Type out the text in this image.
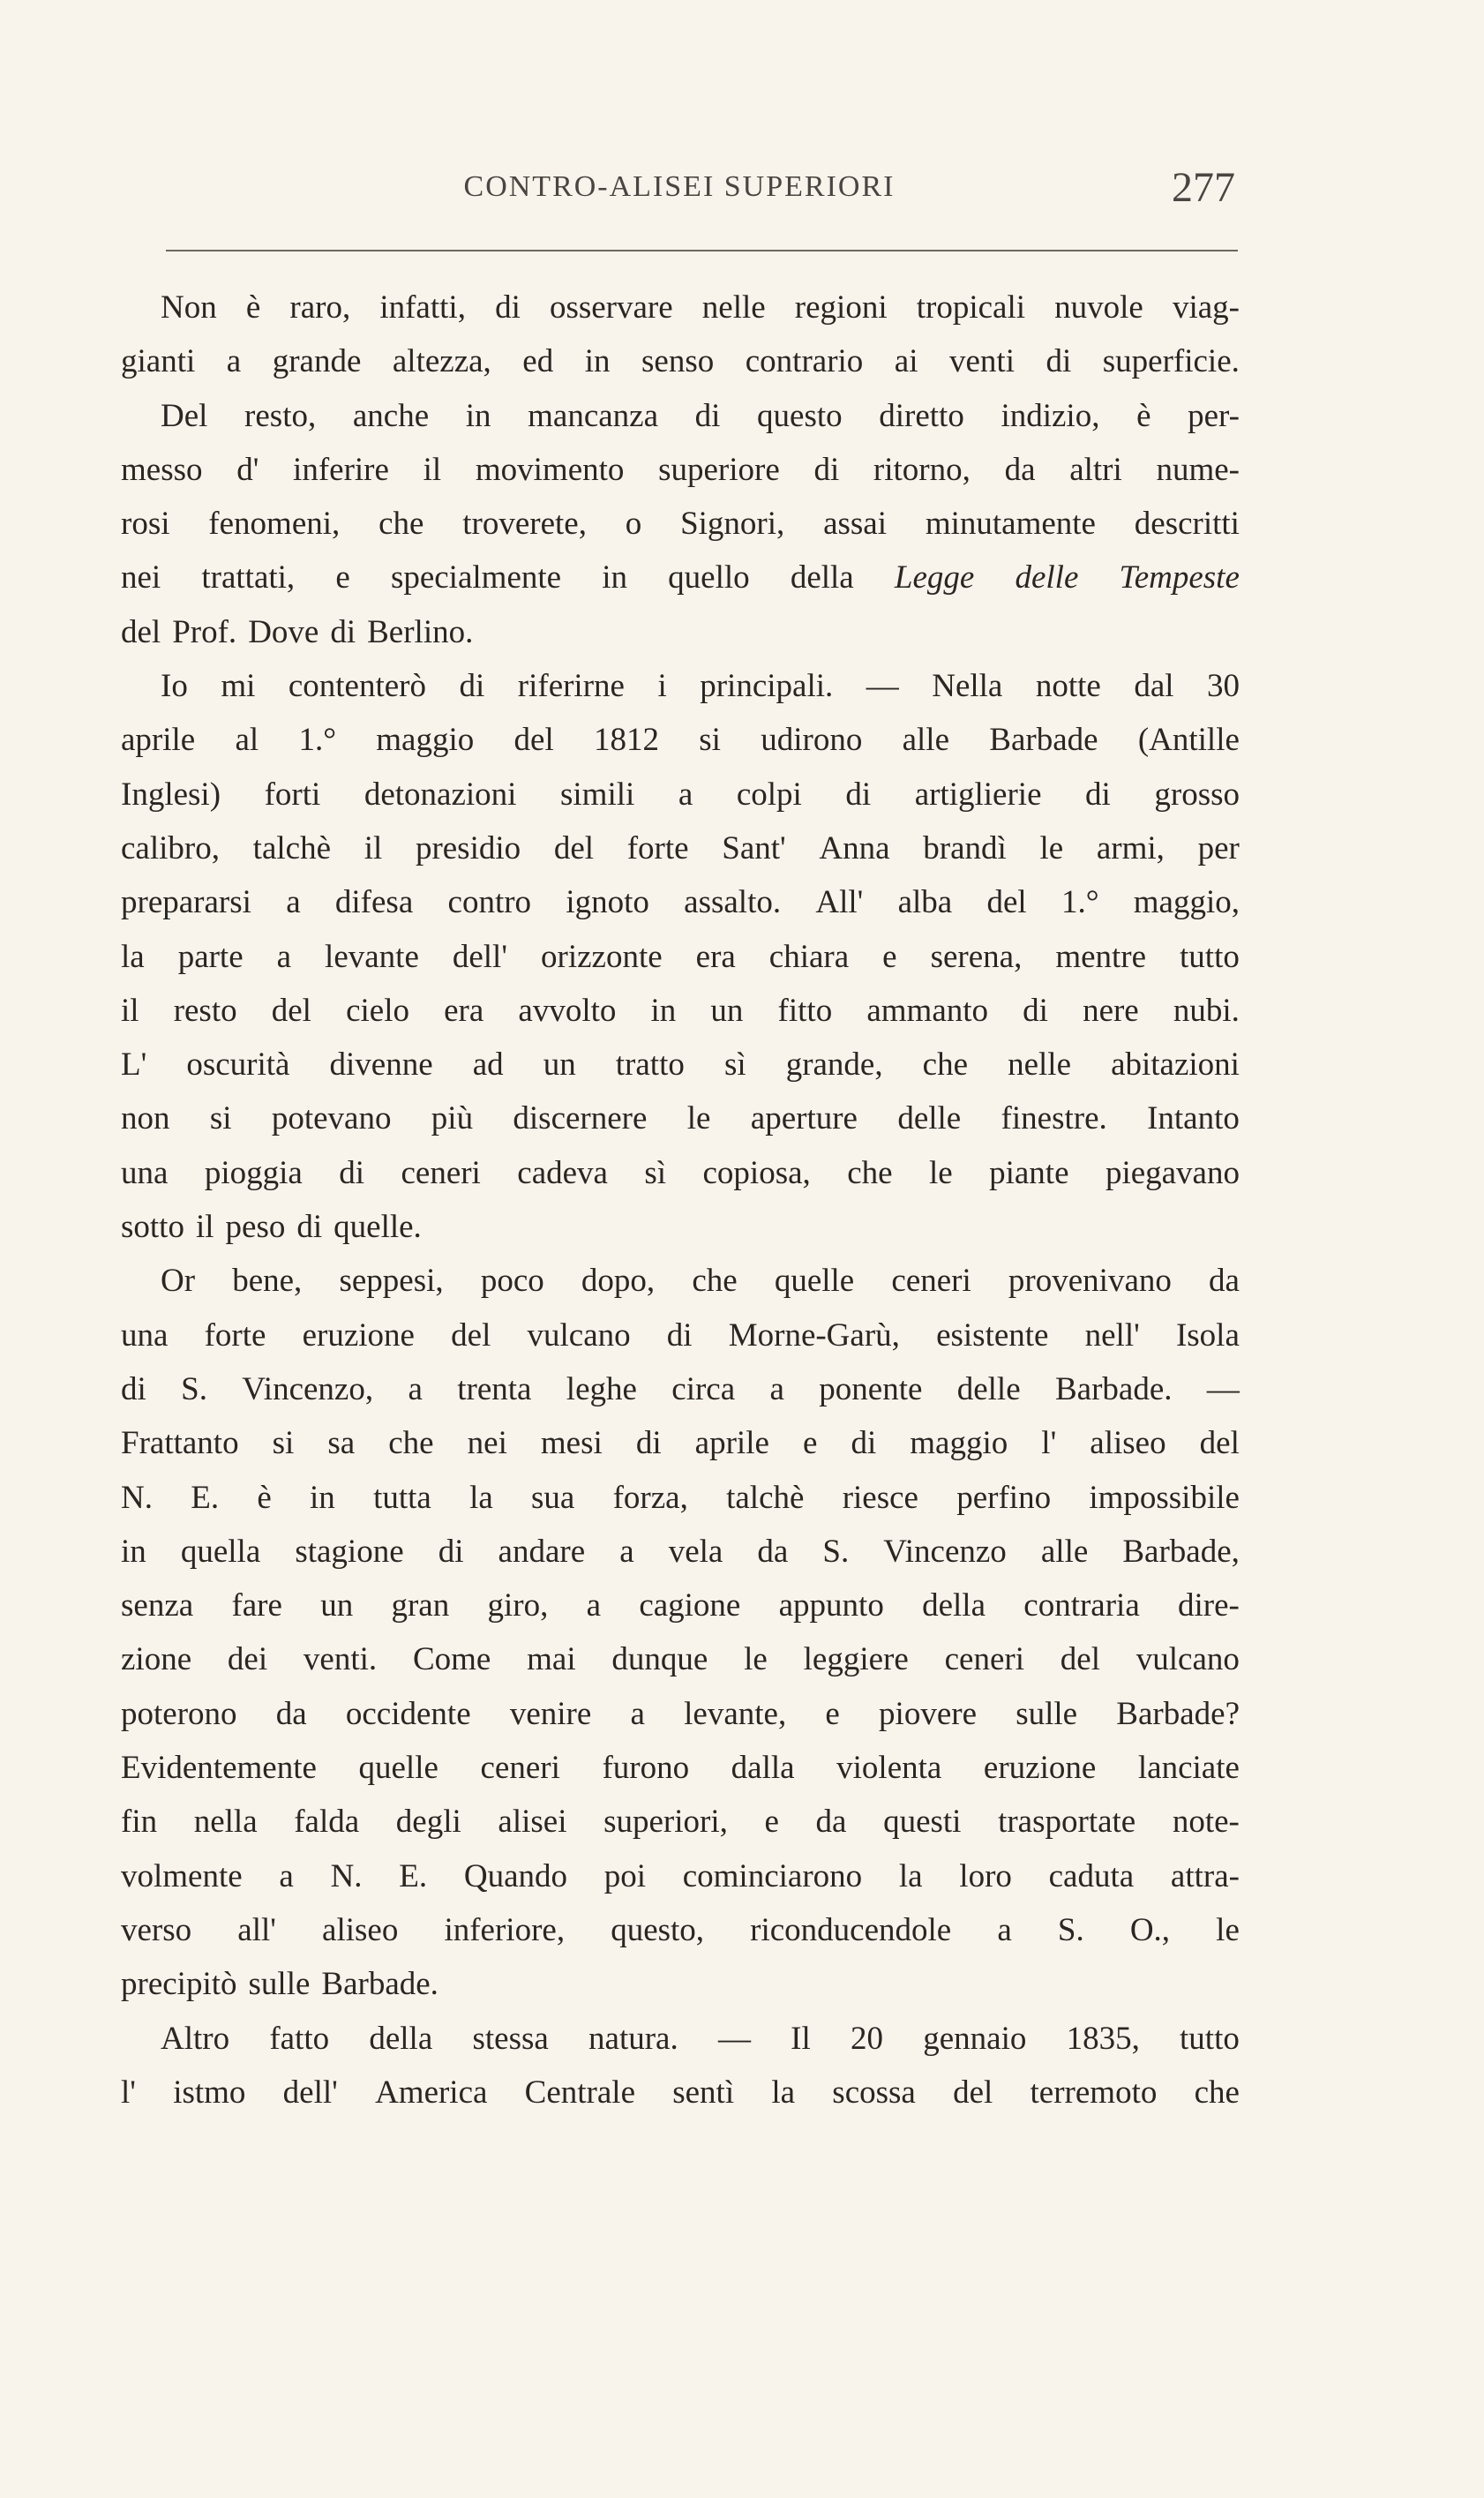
CONTRO-ALISEI SUPERIORI	277

Non è raro, infatti, di osservare nelle regioni tropicali nuvole viag-

gianti a grande altezza, ed in senso contrario ai venti di superficie.

Del resto, anche in mancanza di questo diretto indizio, è per-

messo d' inferire il movimento superiore di ritorno, da altri nume-

rosi fenomeni, che troverete, o Signori, assai minutamente descritti

nei trattati, e specialmente in quello della Legge delle Tempeste

del Prof. Dove di Berlino.

Io mi contenterò di riferirne i principali. — Nella notte dal 30

aprile al 1.° maggio del 1812 si udirono alle Barbade (Antille

Inglesi) forti detonazioni simili a colpi di artiglierie di grosso

calibro, talchè il presidio del forte Sant' Anna brandì le armi, per

prepararsi a difesa contro ignoto assalto. All' alba del 1.° maggio,

la parte a levante dell' orizzonte era chiara e serena, mentre tutto

il resto del cielo era avvolto in un fitto ammanto di nere nubi.

L' oscurità divenne ad un tratto sì grande, che nelle abitazioni

non si potevano più discernere le aperture delle finestre. Intanto

una pioggia di ceneri cadeva sì copiosa, che le piante piegavano

sotto il peso di quelle.

Or bene, seppesi, poco dopo, che quelle ceneri provenivano da

una forte eruzione del vulcano di Morne-Garù, esistente nell' Isola

di S. Vincenzo, a trenta leghe circa a ponente delle Barbade. —

Frattanto si sa che nei mesi di aprile e di maggio l' aliseo del

N. E. è in tutta la sua forza, talchè riesce perfino impossibile

in quella stagione di andare a vela da S. Vincenzo alle Barbade,

senza fare un gran giro, a cagione appunto della contraria dire-

zione dei venti. Come mai dunque le leggiere ceneri del vulcano

poterono da occidente venire a levante, e piovere sulle Barbade?

Evidentemente quelle ceneri furono dalla violenta eruzione lanciate

fin nella falda degli alisei superiori, e da questi trasportate note-

volmente a N. E. Quando poi cominciarono la loro caduta attra-

verso all' aliseo inferiore, questo, riconducendole a S. O., le

precipitò sulle Barbade.

Altro fatto della stessa natura. — Il 20 gennaio 1835, tutto

l' istmo dell' America Centrale sentì la scossa del terremoto che
